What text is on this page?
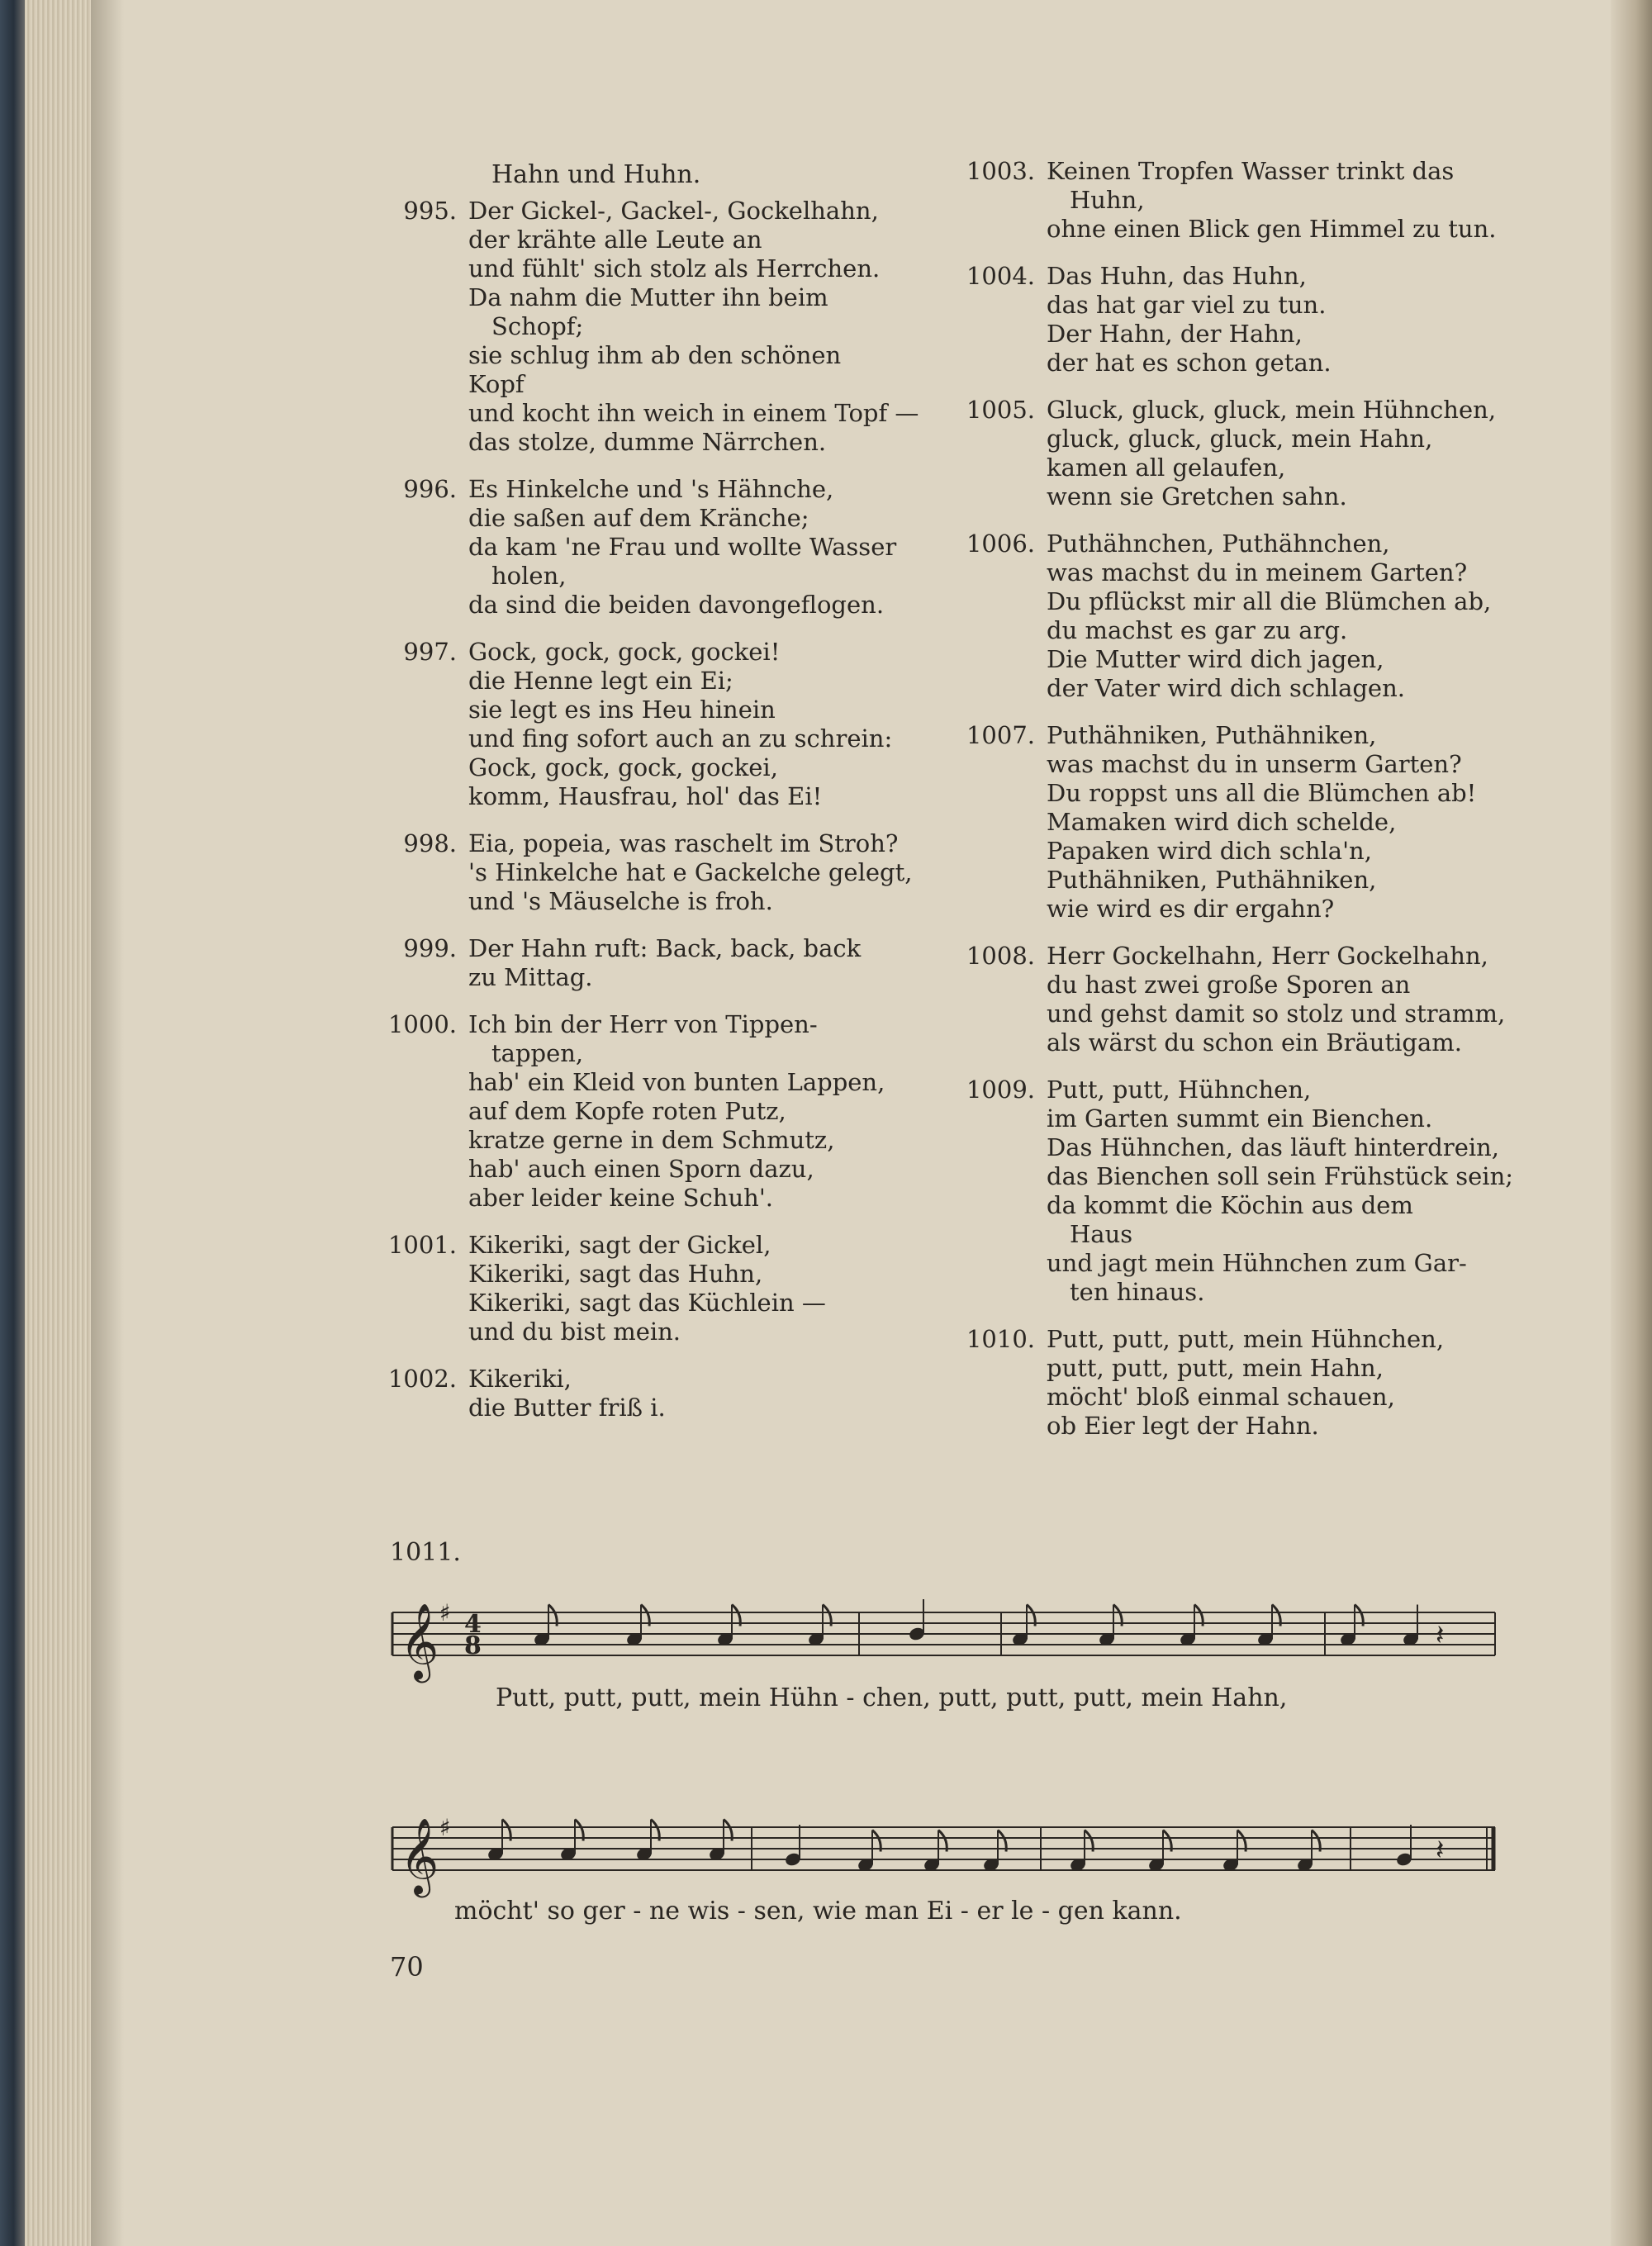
Hahn und Huhn.
995. Der Gickel-, Gackel-, Gockelhahn,
der krähte alle Leute an
und fühlt' sich stolz als Herrchen.
Da nahm die Mutter ihn beim
Schopf;
sie schlug ihm ab den schönen
Kopf
und kocht ihn weich in einem Topf —
das stolze, dumme Närrchen.
996. Es Hinkelche und 's Hähnche,
die saßen auf dem Kränche;
da kam 'ne Frau und wollte Wasser
holen,
da sind die beiden davongeflogen.
997. Gock, gock, gock, gockei!
die Henne legt ein Ei;
sie legt es ins Heu hinein
und fing sofort auch an zu schrein:
Gock, gock, gock, gockei,
komm, Hausfrau, hol' das Ei!
998. Eia, popeia, was raschelt im Stroh?
's Hinkelche hat e Gackelche gelegt,
und 's Mäuselche is froh.
999. Der Hahn ruft: Back, back, back
zu Mittag.
1000. Ich bin der Herr von Tippen-
tappen,
hab' ein Kleid von bunten Lappen,
auf dem Kopfe roten Putz,
kratze gerne in dem Schmutz,
hab' auch einen Sporn dazu,
aber leider keine Schuh'.
1001. Kikeriki, sagt der Gickel,
Kikeriki, sagt das Huhn,
Kikeriki, sagt das Küchlein —
und du bist mein.
1002. Kikeriki,
die Butter friß i.
1003. Keinen Tropfen Wasser trinkt das
Huhn,
ohne einen Blick gen Himmel zu tun.
1004. Das Huhn, das Huhn,
das hat gar viel zu tun.
Der Hahn, der Hahn,
der hat es schon getan.
1005. Gluck, gluck, gluck, mein Hühnchen,
gluck, gluck, gluck, mein Hahn,
kamen all gelaufen,
wenn sie Gretchen sahn.
1006. Puthähnchen, Puthähnchen,
was machst du in meinem Garten?
Du pflückst mir all die Blümchen ab,
du machst es gar zu arg.
Die Mutter wird dich jagen,
der Vater wird dich schlagen.
1007. Puthähniken, Puthähniken,
was machst du in unserm Garten?
Du roppst uns all die Blümchen ab!
Mamaken wird dich schelde,
Papaken wird dich schla'n,
Puthähniken, Puthähniken,
wie wird es dir ergahn?
1008. Herr Gockelhahn, Herr Gockelhahn,
du hast zwei große Sporen an
und gehst damit so stolz und stramm,
als wärst du schon ein Bräutigam.
1009. Putt, putt, Hühnchen,
im Garten summt ein Bienchen.
Das Hühnchen, das läuft hinterdrein,
das Bienchen soll sein Frühstück sein;
da kommt die Köchin aus dem
Haus
und jagt mein Hühnchen zum Gar-
ten hinaus.
1010. Putt, putt, putt, mein Hühnchen,
putt, putt, putt, mein Hahn,
möcht' bloß einmal schauen,
ob Eier legt der Hahn.
1011.
𝄞 ♯ 4
8	𝄽
Putt, putt, putt, mein Hühn - chen, putt, putt, putt, mein Hahn,
𝄞 ♯
𝄽
möcht' so ger - ne wis - sen, wie man Ei - er le - gen kann.
70
